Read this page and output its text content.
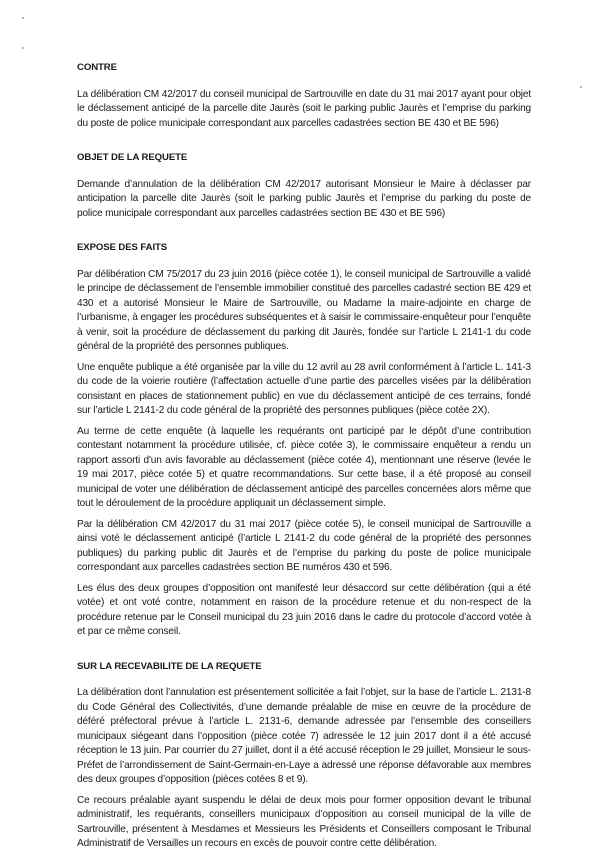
CONTRE

La délibération CM 42/2017 du conseil municipal de Sartrouville en date du 31 mai 2017 ayant pour objet le déclassement anticipé de la parcelle dite Jaurès (soit le parking public Jaurès et l’emprise du parking du poste de police municipale correspondant aux parcelles cadastrées section BE 430 et BE 596)

OBJET DE LA REQUETE

Demande d’annulation de la délibération CM 42/2017 autorisant Monsieur le Maire à déclasser par anticipation la parcelle dite Jaurès (soit le parking public Jaurès et l’emprise du parking du poste de police municipale correspondant aux parcelles cadastrées section BE 430 et BE 596)

EXPOSE DES FAITS

Par délibération CM 75/2017 du 23 juin 2016 (pièce cotée 1), le conseil municipal de Sartrouville a validé le principe de déclassement de l’ensemble immobilier constitué des parcelles cadastré section BE 429 et 430 et a autorisé Monsieur le Maire de Sartrouville, ou Madame la maire-adjointe en charge de l’urbanisme, à engager les procédures subséquentes et à saisir le commissaire-enquêteur pour l’enquête à venir, soit la procédure de déclassement du parking dit Jaurès, fondée sur l’article L 2141-1 du code général de la propriété des personnes publiques.

Une enquête publique a été organisée par la ville du 12 avril au 28 avril conformément à l’article L. 141-3 du code de la voierie routière (l’affectation actuelle d’une partie des parcelles visées par la délibération consistant en places de stationnement public) en vue du déclassement anticipé de ces terrains, fondé sur l’article L 2141-2 du code général de la propriété des personnes publiques (pièce cotée 2X).

Au terme de cette enquête (à laquelle les requérants ont participé par le dépôt d’une contribution contestant notamment la procédure utilisée, cf. pièce cotée 3), le commissaire enquêteur a rendu un rapport assorti d'un avis favorable au déclassement (pièce cotée 4), mentionnant une réserve (levée le 19 mai 2017, pièce cotée 5) et quatre recommandations. Sur cette base, il a été proposé au conseil municipal de voter une délibération de déclassement anticipé des parcelles concernées alors même que tout le déroulement de la procédure appliquait un déclassement simple.

Par la délibération CM 42/2017 du 31 mai 2017 (pièce cotée 5), le conseil municipal de Sartrouville a ainsi voté le déclassement anticipé (l’article L 2141-2 du code général de la propriété des personnes publiques) du parking public dit Jaurès et de l’emprise du parking du poste de police municipale correspondant aux parcelles cadastrées section BE numéros 430 et 596.

Les élus des deux groupes d’opposition ont manifesté leur désaccord sur cette délibération (qui a été votée) et ont voté contre, notamment en raison de la procédure retenue et du non-respect de la procédure retenue par le Conseil municipal du 23 juin 2016 dans le cadre du protocole d’accord votée à et par ce même conseil.

SUR LA RECEVABILITE DE LA REQUETE

La délibération dont l’annulation est présentement sollicitée a fait l’objet, sur la base de l’article L. 2131-8 du Code Général des Collectivités, d’une demande préalable de mise en œuvre de la procédure de déféré préfectoral prévue à l’article L. 2131-6, demande adressée par l’ensemble des conseillers municipaux siégeant dans l’opposition (pièce cotée 7) adressée le 12 juin 2017 dont il a été accusé réception le 13 juin. Par courrier du 27 juillet, dont il a été accusé réception le 29 juillet, Monsieur le sous-Préfet de l’arrondissement de Saint-Germain-en-Laye a adressé une réponse défavorable aux membres des deux groupes d’opposition (pièces cotées 8 et 9).

Ce recours préalable ayant suspendu le délai de deux mois pour former opposition devant le tribunal administratif, les requérants, conseillers municipaux d’opposition au conseil municipal de la ville de Sartrouville, présentent à Mesdames et Messieurs les Présidents et Conseillers composant le Tribunal Administratif de Versailles un recours en excès de pouvoir contre cette délibération.
